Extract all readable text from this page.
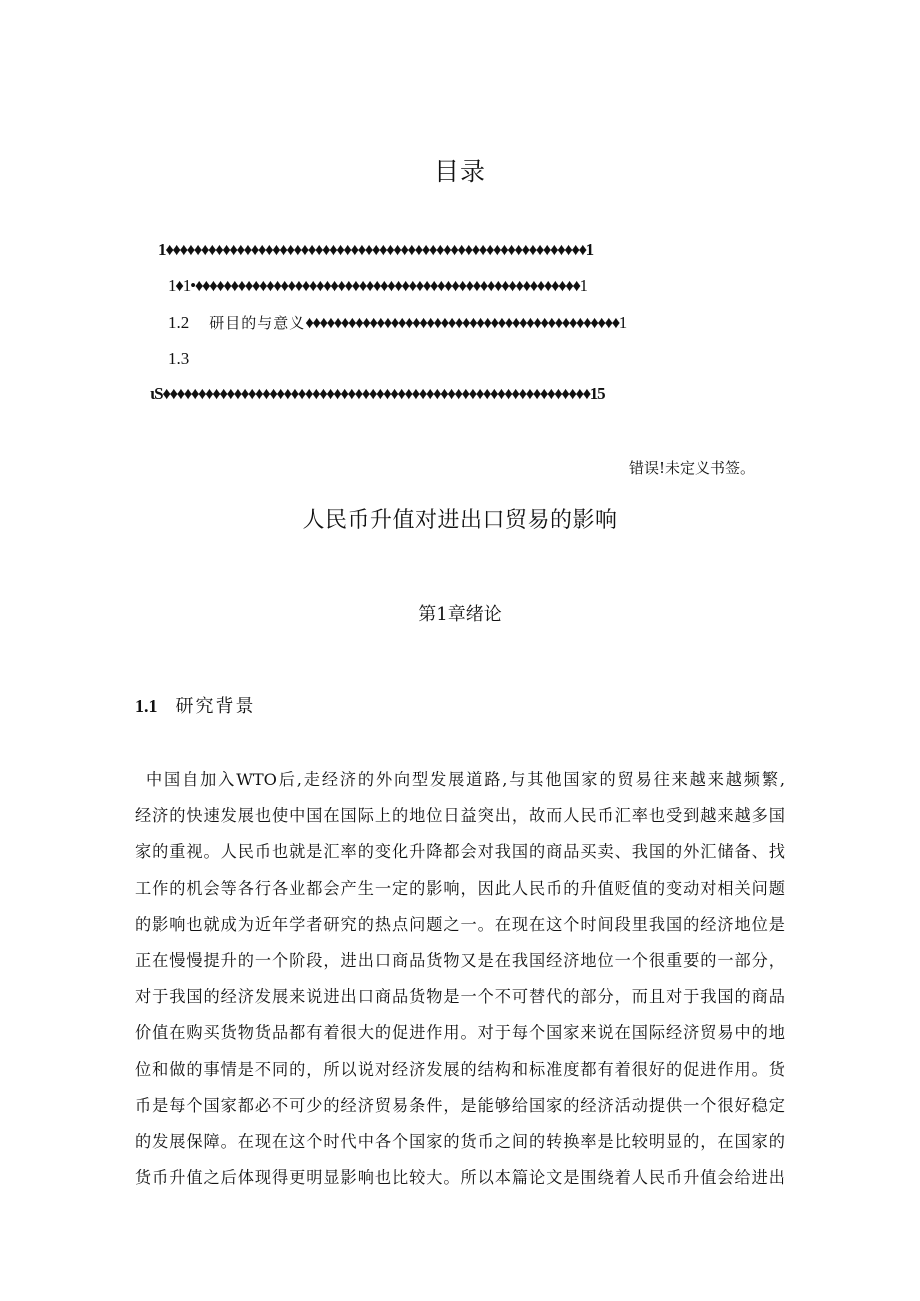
目录
1♦♦♦♦♦♦♦♦♦♦♦♦♦♦♦♦♦♦♦♦♦♦♦♦♦♦♦♦♦♦♦♦♦♦♦♦♦♦♦♦♦♦♦♦♦♦♦♦♦♦♦♦♦♦♦♦♦♦♦1
1♦1•♦♦♦♦♦♦♦♦♦♦♦♦♦♦♦♦♦♦♦♦♦♦♦♦♦♦♦♦♦♦♦♦♦♦♦♦♦♦♦♦♦♦♦♦♦♦♦♦♦♦♦♦♦♦1
1.2 研目的与意义♦♦♦♦♦♦♦♦♦♦♦♦♦♦♦♦♦♦♦♦♦♦♦♦♦♦♦♦♦♦♦♦♦♦♦♦♦♦♦♦♦♦♦♦1
1.3
ιS♦♦♦♦♦♦♦♦♦♦♦♦♦♦♦♦♦♦♦♦♦♦♦♦♦♦♦♦♦♦♦♦♦♦♦♦♦♦♦♦♦♦♦♦♦♦♦♦♦♦♦♦♦♦♦♦♦♦♦♦15
错误!未定义书签。
人民币升值对进出口贸易的影响
第1章绪论
1.1 研究背景
中国自加入WTO后,走经济的外向型发展道路,与其他国家的贸易往来越来越频繁,
经济的快速发展也使中国在国际上的地位日益突出，故而人民币汇率也受到越来越多国
家的重视。人民币也就是汇率的变化升降都会对我国的商品买卖、我国的外汇储备、找
工作的机会等各行各业都会产生一定的影响，因此人民币的升值贬值的变动对相关问题
的影响也就成为近年学者研究的热点问题之一。在现在这个时间段里我国的经济地位是
正在慢慢提升的一个阶段，进出口商品货物又是在我国经济地位一个很重要的一部分，
对于我国的经济发展来说进出口商品货物是一个不可替代的部分，而且对于我国的商品
价值在购买货物货品都有着很大的促进作用。对于每个国家来说在国际经济贸易中的地
位和做的事情是不同的，所以说对经济发展的结构和标准度都有着很好的促进作用。货
币是每个国家都必不可少的经济贸易条件，是能够给国家的经济活动提供一个很好稳定
的发展保障。在现在这个时代中各个国家的货币之间的转换率是比较明显的，在国家的
货币升值之后体现得更明显影响也比较大。所以本篇论文是围绕着人民币升值会给进出
